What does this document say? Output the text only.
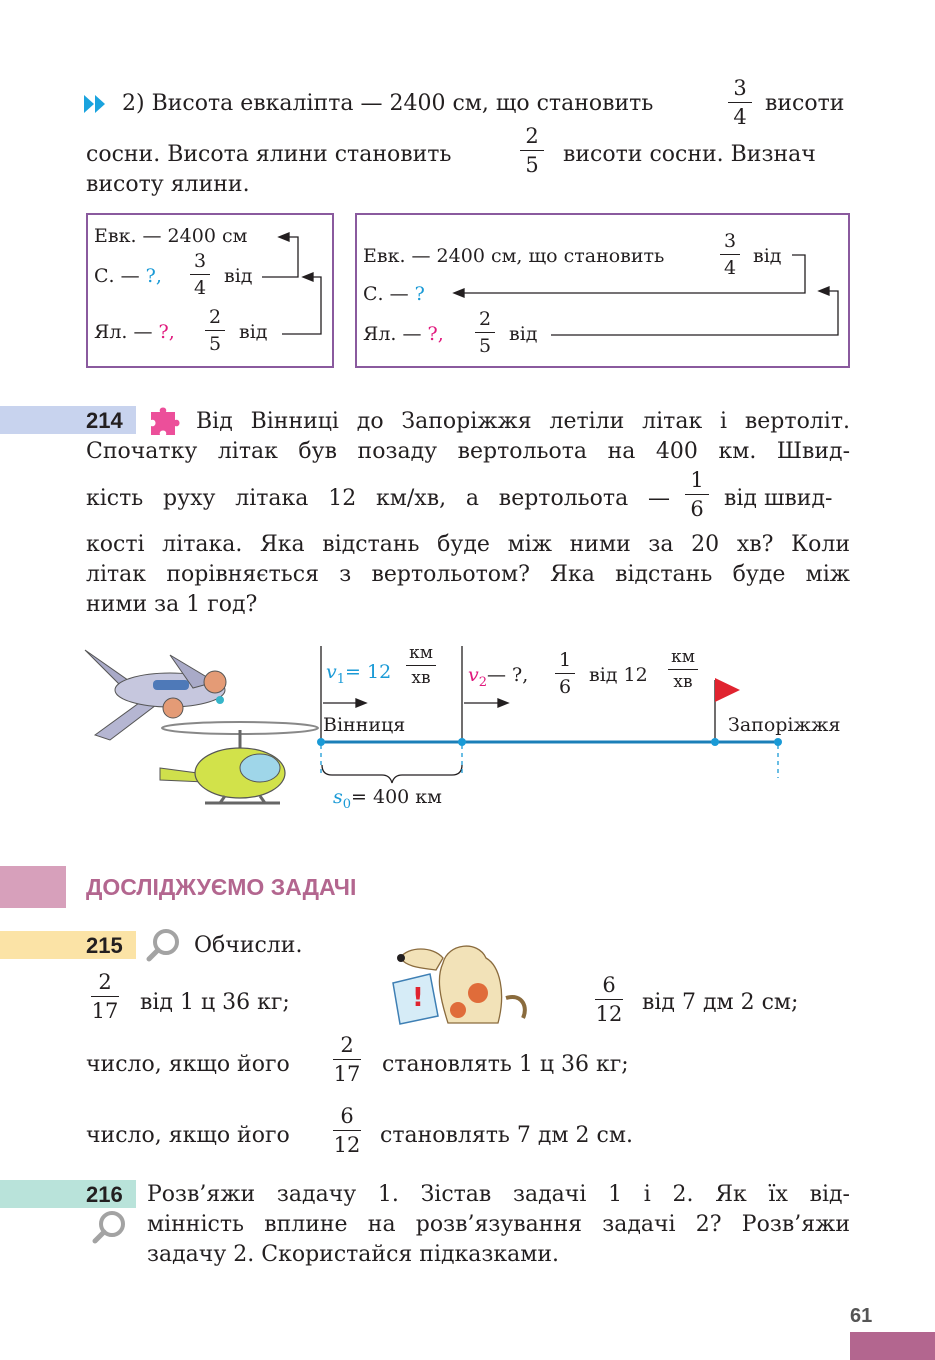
2) Висота евкаліпта — 2400 см, що становить
3
4
висоти
сосни. Висота ялини становить
2
5	висоти сосни. Визнач
висоту ялини.
Евк. — 2400 см
С. — ?,
3
4
від
Ял. — ?,
2
5
від
Евк. — 2400 см, що становить
3
4
від
С. — ?
Ял. — ?,
2
5
від
214	Від Вінниці до Запоріжжя летіли літак і вертоліт.
Спочатку літак був позаду вертольота на 400 км. Швид-
кість руху літака 12 км/хв, а вертольота —
1
6 від швид-
кості літака. Яка відстань буде між ними за 20 хв? Коли
літак порівняється з вертольотом? Яка відстань буде між
ними за 1 год?
$v_1= 12$
км
хв	$v_2—$ ?,
1
6
від 12
км
хв
Вінниця	Запоріжжя
$s_0= 400$ км
ДОСЛІДЖУЄМО ЗАДАЧІ
215	Обчисли.
!
2
17 від 1 ц 36 кг;
6
12 від 7 дм 2 см;
число, якщо його
2
17 становлять 1 ц 36 кг;
число, якщо його
6
12 становлять 7 дм 2 см.
216 Розв’яжи задачу 1. Зістав задачі 1 і 2. Як їх від-
мінність вплине на розв’язування задачі 2? Розв’яжи
задачу 2. Скористайся підказками.
61
